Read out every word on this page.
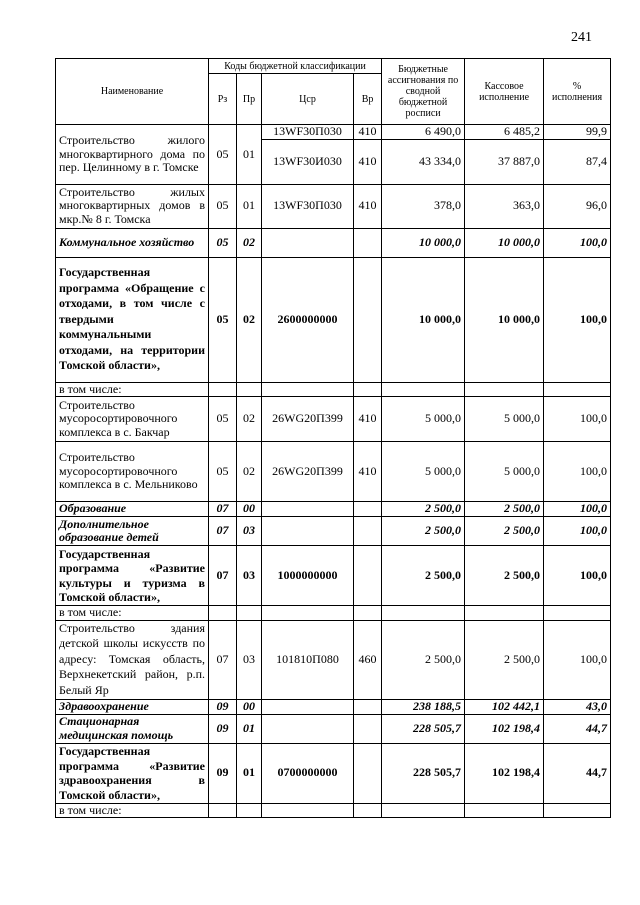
241
Наименование	Коды бюджетной классификации				Бюджетные ассигнования по сводной бюджетной росписи	Кассовое исполнение	% исполнения
	Рз	Пр	Цср	Вр			
Строительство жилого многоквартирного дома по пер. Целинному в г. Томске	05	01	13WF30П030	410	6 490,0	6 485,2	99,9
			13WF30И030	410	43 334,0	37 887,0	87,4
Строительство жилых многоквартирных домов в мкр.№ 8 г. Томска	05	01	13WF30П030	410	378,0	363,0	96,0
Коммунальное хозяйство	05	02			10 000,0	10 000,0	100,0
Государственная программа «Обращение с отходами, в том числе с твердыми коммунальными отходами, на территории Томской области»,	05	02	2600000000		10 000,0	10 000,0	100,0
в том числе:							
Строительство мусоросортировочного комплекса в с. Бакчар	05	02	26WG20П399	410	5 000,0	5 000,0	100,0
Строительство мусоросортировочного комплекса в с. Мельниково	05	02	26WG20П399	410	5 000,0	5 000,0	100,0
Образование	07	00			2 500,0	2 500,0	100,0
Дополнительное образование детей	07	03			2 500,0	2 500,0	100,0
Государственная программа «Развитие культуры и туризма в Томской области»,	07	03	1000000000		2 500,0	2 500,0	100,0
в том числе:							
Строительство здания детской школы искусств по адресу: Томская область, Верхнекетский район, р.п. Белый Яр	07	03	101810П080	460	2 500,0	2 500,0	100,0
Здравоохранение	09	00			238 188,5	102 442,1	43,0
Стационарная медицинская помощь	09	01			228 505,7	102 198,4	44,7
Государственная программа «Развитие здравоохранения в Томской области»,	09	01	0700000000		228 505,7	102 198,4	44,7
в том числе:							
